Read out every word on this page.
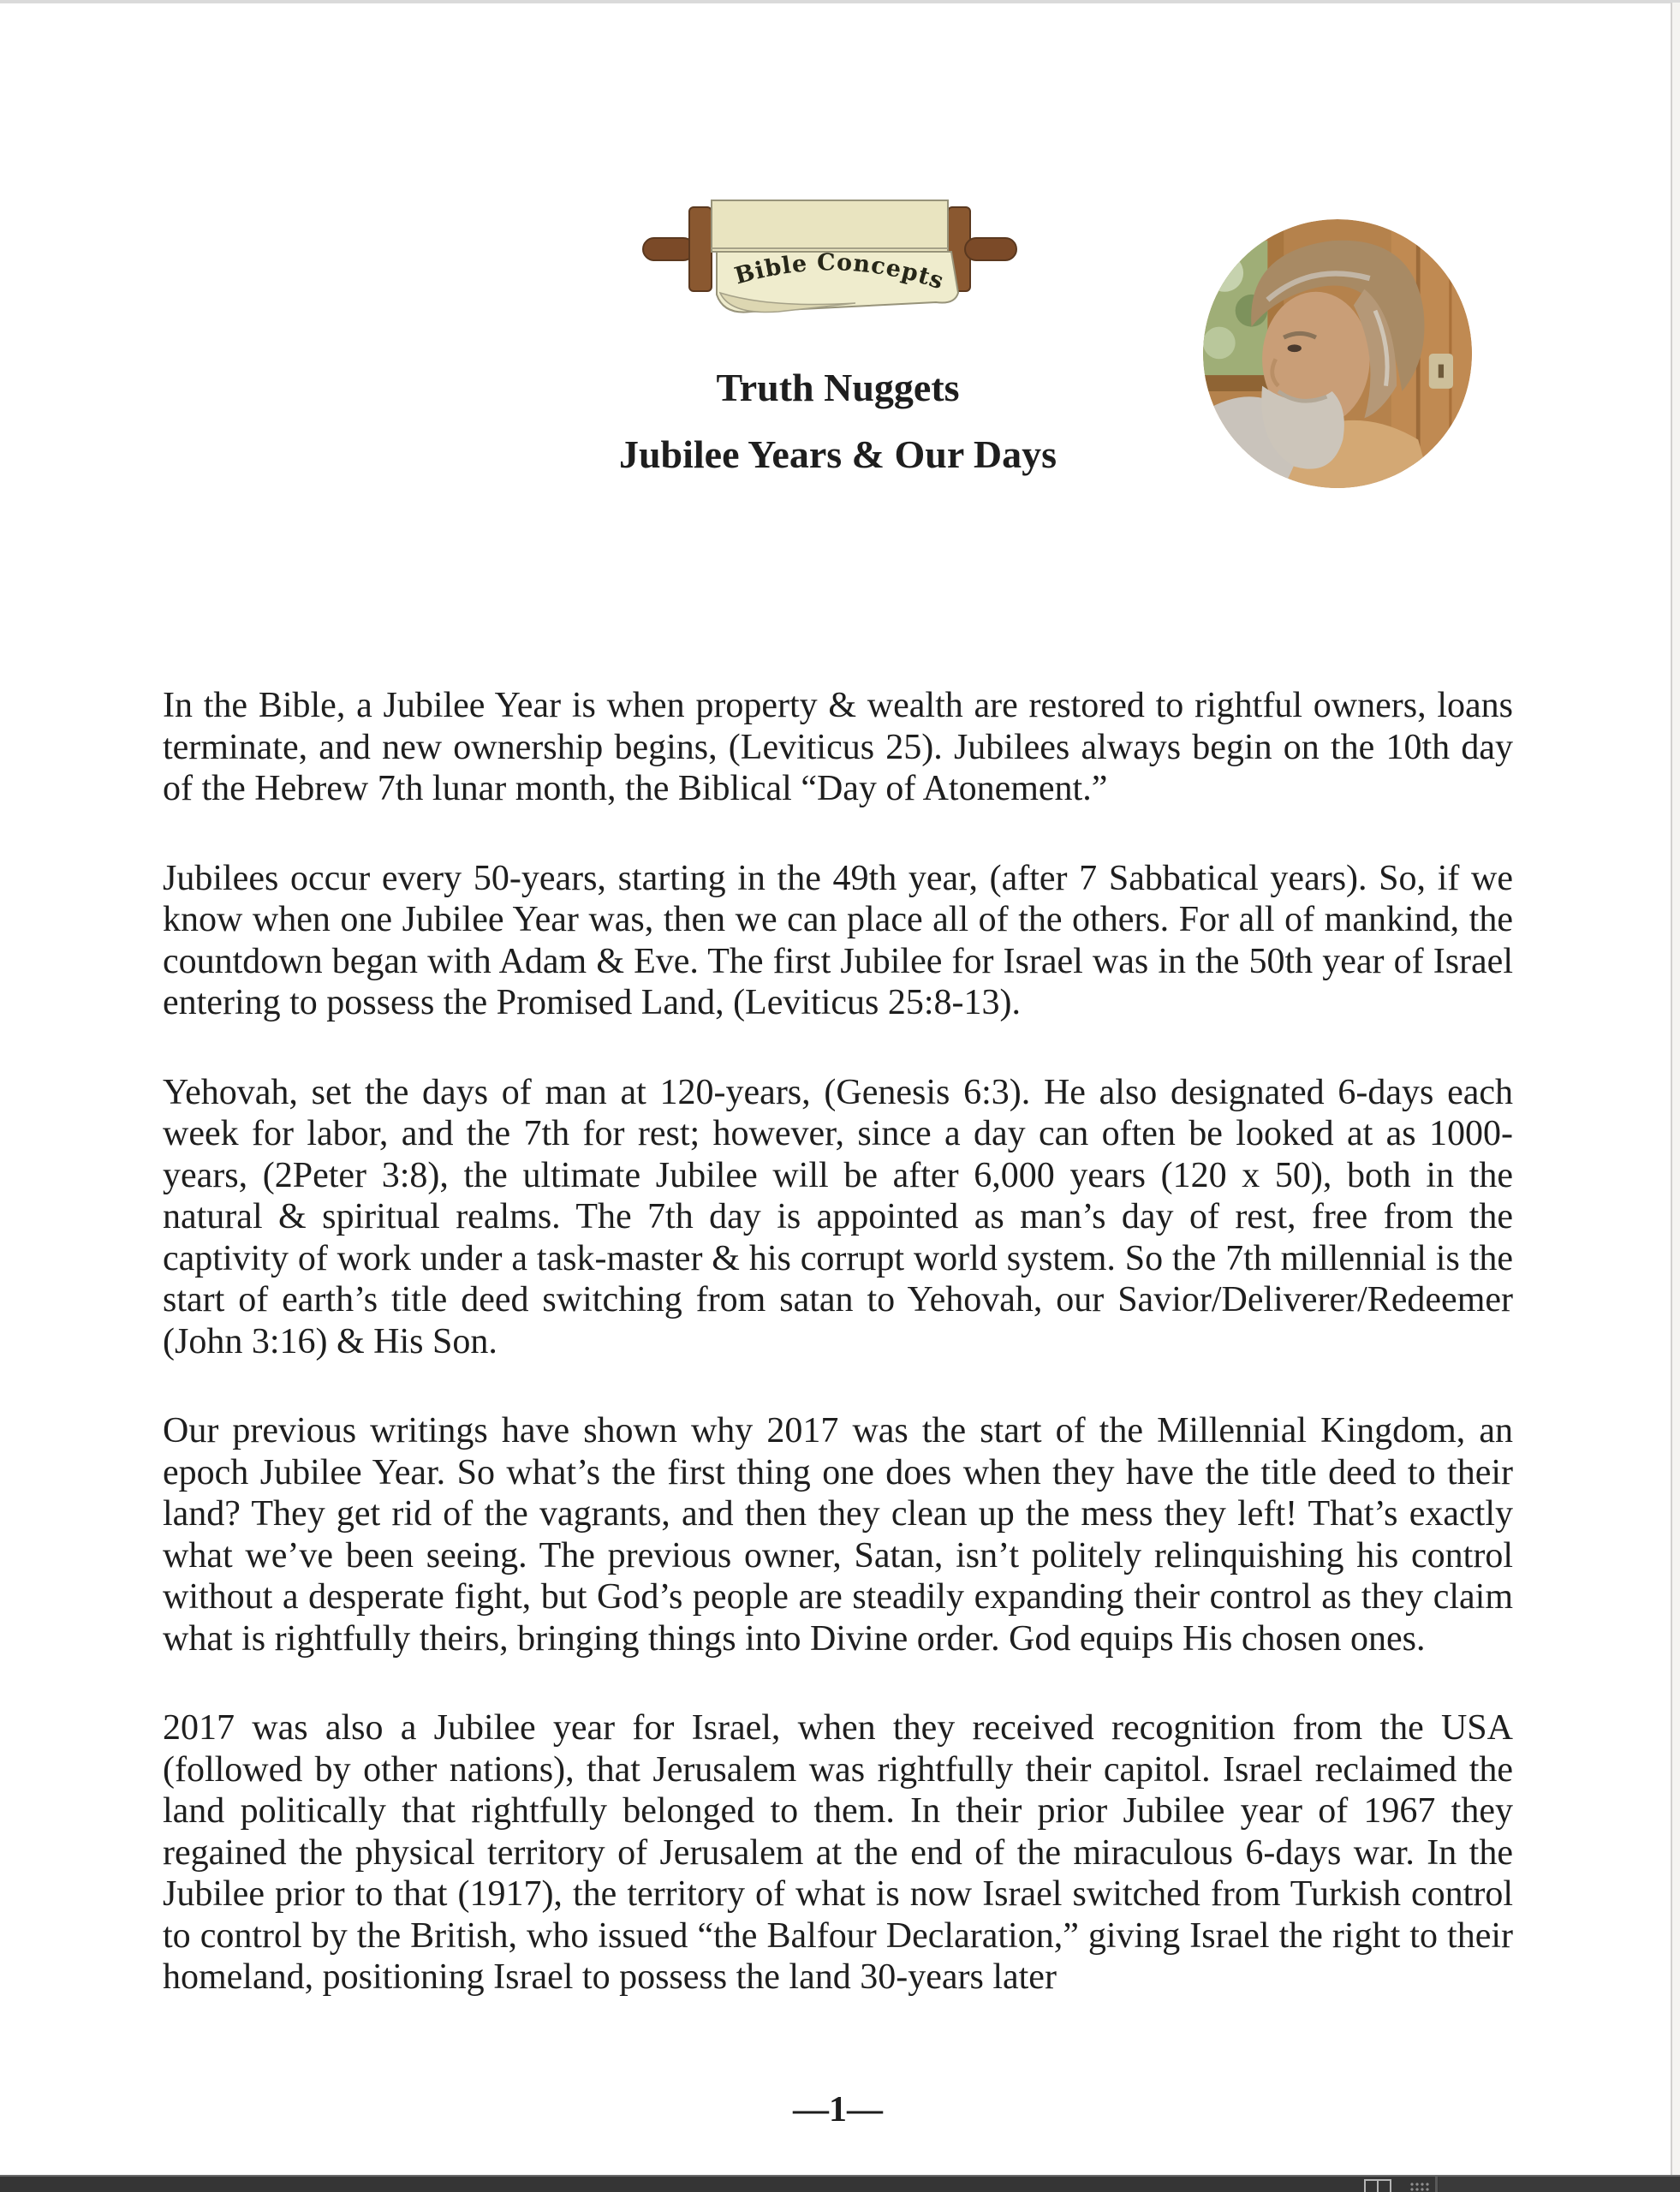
Bible Concepts
Truth Nuggets
Jubilee Years & Our Days

In the Bible, a Jubilee Year is when property & wealth are restored to rightful owners, loans terminate, and new ownership begins, (Leviticus 25). Jubilees always begin on the 10th day of the Hebrew 7th lunar month, the Biblical “Day of Atonement.”

Jubilees occur every 50-years, starting in the 49th year, (after 7 Sabbatical years). So, if we know when one Jubilee Year was, then we can place all of the others. For all of mankind, the countdown began with Adam & Eve. The first Jubilee for Israel was in the 50th year of Israel entering to possess the Promised Land, (Leviticus 25:8-13).

Yehovah, set the days of man at 120-years, (Genesis 6:3). He also designated 6-days each week for labor, and the 7th for rest; however, since a day can often be looked at as 1000-years, (2Peter 3:8), the ultimate Jubilee will be after 6,000 years (120 x 50), both in the natural & spiritual realms. The 7th day is appointed as man’s day of rest, free from the captivity of work under a task-master & his corrupt world system. So the 7th millennial is the start of earth’s title deed switching from satan to Yehovah, our Savior/Deliverer/Redeemer (John 3:16) & His Son.

Our previous writings have shown why 2017 was the start of the Millennial Kingdom, an epoch Jubilee Year. So what’s the first thing one does when they have the title deed to their land? They get rid of the vagrants, and then they clean up the mess they left! That’s exactly what we’ve been seeing. The previous owner, Satan, isn’t politely relinquishing his control without a desperate fight, but God’s people are steadily expanding their control as they claim what is rightfully theirs, bringing things into Divine order. God equips His chosen ones.

2017 was also a Jubilee year for Israel, when they received recognition from the USA (followed by other nations), that Jerusalem was rightfully their capitol. Israel reclaimed the land politically that rightfully belonged to them. In their prior Jubilee year of 1967 they regained the physical territory of Jerusalem at the end of the miraculous 6-days war. In the Jubilee prior to that (1917), the territory of what is now Israel switched from Turkish control to control by the British, who issued “the Balfour Declaration,” giving Israel the right to their homeland, positioning Israel to possess the land 30-years later

—1—
